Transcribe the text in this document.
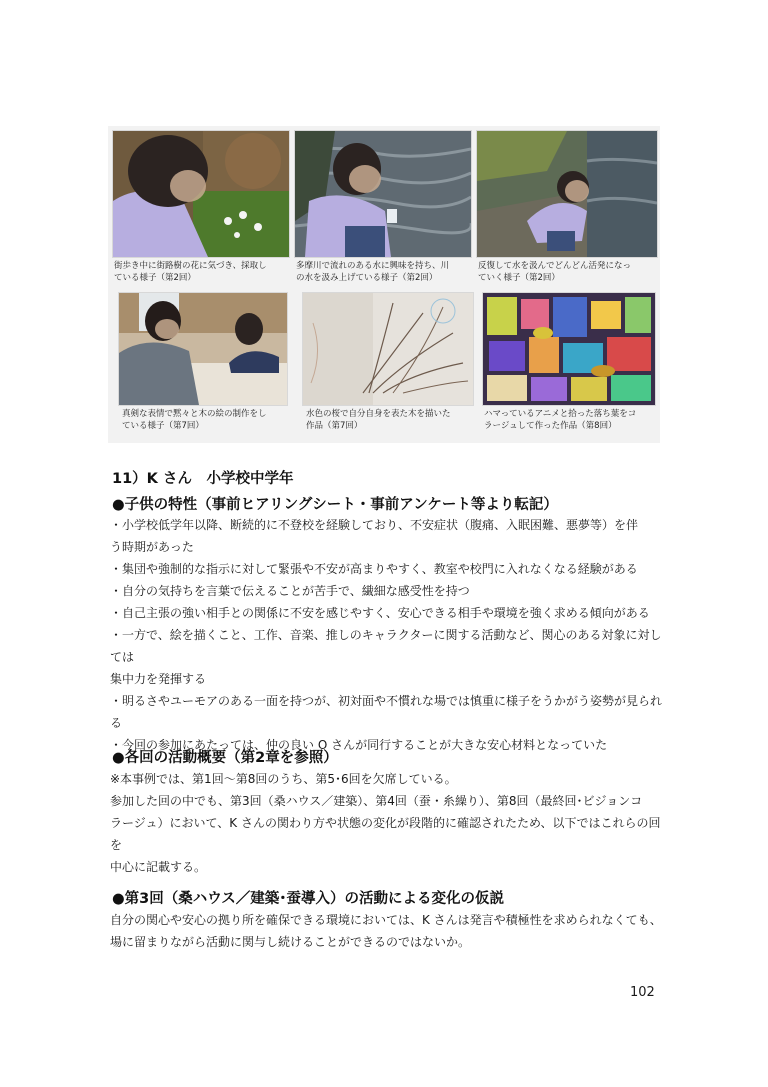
街歩き中に街路樹の花に気づき、採取し
ている様子（第2回）
多摩川で流れのある水に興味を持ち、川
の水を汲み上げている様子（第2回）
反復して水を汲んでどんどん活発になっ
ていく様子（第2回）
真剣な表情で黙々と木の絵の制作をし
ている様子（第7回）
水色の桜で自分自身を表た木を描いた
作品（第7回）
ハマっているアニメと拾った落ち葉をコ
ラージュして作った作品（第8回）
11）K さん　小学校中学年
●子供の特性（事前ヒアリングシート・事前アンケート等より転記）

・小学校低学年以降、断続的に不登校を経験しており、不安症状（腹痛、入眠困難、悪夢等）を伴

う時期があった

・集団や強制的な指示に対して緊張や不安が高まりやすく、教室や校門に入れなくなる経験がある

・自分の気持ちを言葉で伝えることが苦手で、繊細な感受性を持つ

・自己主張の強い相手との関係に不安を感じやすく、安心できる相手や環境を強く求める傾向がある

・一方で、絵を描くこと、工作、音楽、推しのキャラクターに関する活動など、関心のある対象に対しては

集中力を発揮する

・明るさやユーモアのある一面を持つが、初対面や不慣れな場では慎重に様子をうかがう姿勢が見られる

・今回の参加にあたっては、仲の良い O さんが同行することが大きな安心材料となっていた

●各回の活動概要（第2章を参照）

※本事例では、第1回～第8回のうち、第5･6回を欠席している。

参加した回の中でも、第3回（桑ハウス／建築）、第4回（蚕・糸繰り）、第8回（最終回･ビジョンコ

ラージュ）において、K さんの関わり方や状態の変化が段階的に確認されたため、以下ではこれらの回を

中心に記載する。

●第3回（桑ハウス／建築･蚕導入）の活動による変化の仮説

自分の関心や安心の拠り所を確保できる環境においては、K さんは発言や積極性を求められなくても、

場に留まりながら活動に関与し続けることができるのではないか。

102
